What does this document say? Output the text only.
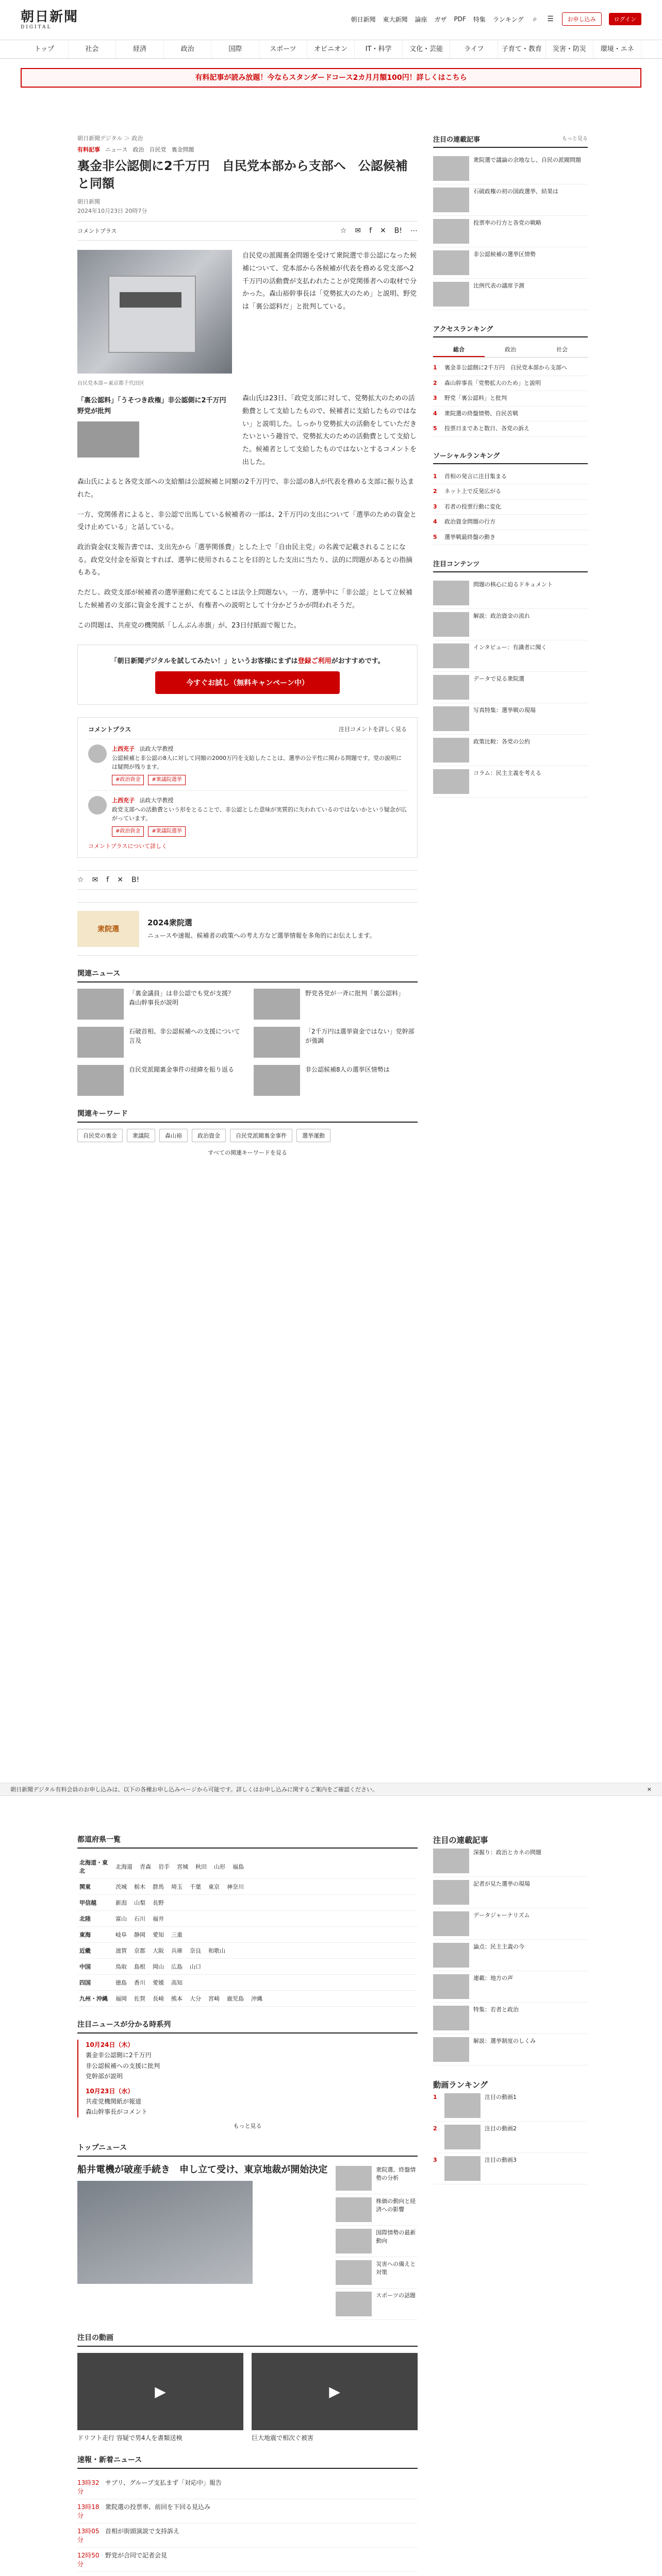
朝日新聞
DIGITAL
朝日新聞 東大新聞 論座 ガザ PDF 特集 ランキング ⌕ ☰	お申し込み	ログイン
トップ	社会	経済	政治	国際	スポーツ	オピニオン	IT・科学	文化・芸能	ライフ	子育て・教育	災害・防災	環境・エネ
有料記事が読み放題！今ならスタンダードコース2カ月月額100円！詳しくはこちら
朝日新聞デジタル ＞ 政治
有料記事 ニュース 政治 自民党 裏金問題
裏金非公認側に2千万円　自民党本部から支部へ　公認候補と同額
朝日新聞
2024年10月23日 20時7分
コメントプラス	☆ ✉ f ✕ B! ⋯

自民党の派閥裏金問題を受けて衆院選で非公認になった候補について、党本部から各候補が代表を務める党支部へ2千万円の活動費が支払われたことが党関係者への取材で分かった。森山裕幹事長は「党勢拡大のため」と説明、野党は「裏公認料だ」と批判している。

自民党本部＝東京都千代田区
「裏公認料」「うそつき政権」非公認側に2千万円　野党が批判

森山氏は23日、「政党支部に対して、党勢拡大のための活動費として支給したもので、候補者に支給したものではない」と説明した。しっかり党勢拡大の活動をしていただきたいという趣旨で、党勢拡大のための活動費として支給した。候補者として支給したものではないとするコメントを出した。

森山氏によると各党支部への支給額は公認候補と同額の2千万円で、非公認の8人が代表を務める支部に振り込まれた。

一方、党関係者によると、非公認で出馬している候補者の一部は、2千万円の支出について「選挙のための資金と受け止めている」と話している。

政治資金収支報告書では、支出先から「選挙関係費」とした上で「自由民主党」の名義で記載されることになる。政党交付金を原資とすれば、選挙に使用されることを目的とした支出に当たり、法的に問題があるとの指摘もある。

ただし、政党支部が候補者の選挙運動に充てることは法令上問題ない。一方、選挙中に「非公認」として立候補した候補者の支部に資金を渡すことが、有権者への説明として十分かどうかが問われそうだ。

この問題は、共産党の機関紙「しんぶん赤旗」が、23日付紙面で報じた。

「朝日新聞デジタルを試してみたい！」というお客様にまずは登録ご利用がおすすめです。
今すぐお試し（無料キャンペーン中）
コメントプラス	注目コメントを詳しく見る
上西充子 法政大学教授
公認候補と非公認の8人に対して同額の2000万円を支給したことは、選挙の公平性に関わる問題です。党の説明には疑問が残ります。
#政治資金	#衆議院選挙
上西充子 法政大学教授
政党支部への活動費という形をとることで、非公認とした意味が実質的に失われているのではないかという疑念が広がっています。
#政治資金	#衆議院選挙
コメントプラスについて詳しく
☆ ✉ f ✕ B!
衆院選
2024衆院選
ニュースや速報、候補者の政策への考え方など選挙情報を多角的にお伝えします。
関連ニュース
「裏金議員」は非公認でも党が支援？　森山幹事長が説明
野党各党が一斉に批判「裏公認料」
石破首相、非公認候補への支援について言及
「2千万円は選挙資金ではない」党幹部が強調
自民党派閥裏金事件の経緯を振り返る	非公認候補8人の選挙区情勢は
関連キーワード
自民党の裏金	衆議院	森山裕	政治資金	自民党派閥裏金事件	選挙運動
すべての関連キーワードを見る
注目の連載記事	もっと見る
衆院選で議論の余地なし、自民の派閥問題
石破政権の初の国政選挙、結果は
投票率の行方と各党の戦略
非公認候補の選挙区情勢
比例代表の議席予測
アクセスランキング
総合	政治	社会
1	裏金非公認側に2千万円　自民党本部から支部へ
2	森山幹事長「党勢拡大のため」と説明
3	野党「裏公認料」と批判
4	衆院選の終盤情勢、自民苦戦
5	投票日まであと数日、各党の訴え
ソーシャルランキング
1	首相の発言に注目集まる
2	ネット上で反発広がる
3	若者の投票行動に変化
4	政治資金問題の行方
5	選挙戦最終盤の動き
注目コンテンツ
問題の核心に迫るドキュメント
解説：政治資金の流れ
インタビュー：有識者に聞く
データで見る衆院選
写真特集：選挙戦の現場
政策比較：各党の公約
コラム：民主主義を考える
朝日新聞デジタル有料会員のお申し込みは、以下の各種お申し込みページから可能です。詳しくはお申し込みに関するご案内をご確認ください。	✕
都道府県一覧
北海道・東北	北海道 青森 岩手 宮城 秋田 山形 福島
関東	茨城 栃木 群馬 埼玉 千葉 東京 神奈川
甲信越	新潟 山梨 長野
北陸	富山 石川 福井
東海	岐阜 静岡 愛知 三重
近畿	滋賀 京都 大阪 兵庫 奈良 和歌山
中国	鳥取 島根 岡山 広島 山口
四国	徳島 香川 愛媛 高知
九州・沖縄	福岡 佐賀 長崎 熊本 大分 宮崎 鹿児島 沖縄
注目ニュースが分かる時系列
10月24日（木）
裏金非公認側に2千万円
非公認候補への支援に批判
党幹部が説明
10月23日（水）
共産党機関紙が報道
森山幹事長がコメント
もっと見る
トップニュース
船井電機が破産手続き　申し立て受け、東京地裁が開始決定	衆院選、終盤情勢の分析
株価の動向と経済への影響
国際情勢の最新動向
災害への備えと対策
スポーツの話題
注目の動画
▶
ドリフト走行 容疑で男4人を書類送検
▶	巨大地震で相次ぐ被害
速報・新着ニュース
13時32分
サブリ、グループ支払まず「対応中」報告
13時18分
衆院選の投票率、前回を下回る見込み
13時05分
首相が街頭演説で支持訴え
12時50分
野党が合同で記者会見
注目の連載記事
深掘り：政治とカネの問題
記者が見た選挙の現場
データジャーナリズム
論点：民主主義の今
連載：地方の声
特集：若者と政治
解説：選挙制度のしくみ
動画ランキング
1	注目の動画1
2	注目の動画2
3	注目の動画3
